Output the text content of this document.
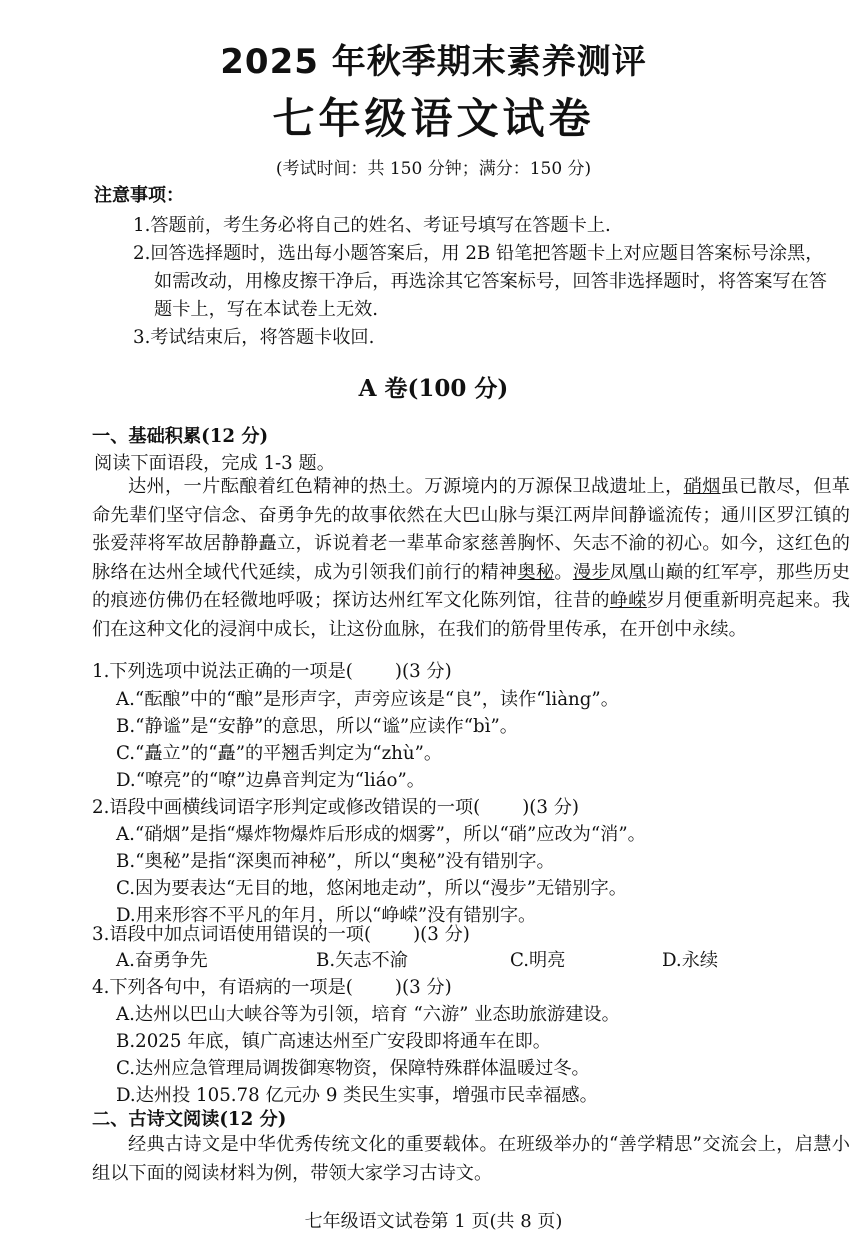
2025 年秋季期末素养测评
七年级语文试卷
(考试时间：共 150 分钟；满分：150 分)
注意事项：
1.答题前，考生务必将自己的姓名、考证号填写在答题卡上.
2.回答选择题时，选出每小题答案后，用 2B 铅笔把答题卡上对应题目答案标号涂黑，
如需改动，用橡皮擦干净后，再选涂其它答案标号，回答非选择题时，将答案写在答
题卡上，写在本试卷上无效.
3.考试结束后，将答题卡收回.
A 卷(100 分)
一、基础积累(12 分)
阅读下面语段，完成 1-3 题。
达州，一片酝酿着红色精神的热土。万源境内的万源保卫战遗址上，硝烟虽已散尽，但革命先辈们坚守信念、奋勇争先的故事依然在大巴山脉与渠江两岸间静谧流传；通川区罗江镇的张爱萍将军故居静静矗立，诉说着老一辈革命家慈善胸怀、矢志不渝的初心。如今，这红色的脉络在达州全域代代延续，成为引领我们前行的精神奥秘。漫步凤凰山巅的红军亭，那些历史的痕迹仿佛仍在轻微地呼吸；探访达州红军文化陈列馆，往昔的峥嵘岁月便重新明亮起来。我们在这种文化的浸润中成长，让这份血脉，在我们的筋骨里传承，在开创中永续。
1.下列选项中说法正确的一项是( )(3 分)
A.“酝酿”中的“酿”是形声字，声旁应该是“良”，读作“liàng”。
B.“静谧”是“安静”的意思，所以“谧”应读作“bì”。
C.“矗立”的“矗”的平翘舌判定为“zhù”。
D.“嘹亮”的“嘹”边鼻音判定为“liáo”。
2.语段中画横线词语字形判定或修改错误的一项( )(3 分)
A.“硝烟”是指“爆炸物爆炸后形成的烟雾”，所以“硝”应改为“消”。
B.“奥秘”是指“深奥而神秘”，所以“奥秘”没有错别字。
C.因为要表达“无目的地，悠闲地走动”，所以“漫步”无错别字。
D.用来形容不平凡的年月，所以“峥嵘”没有错别字。
3.语段中加点词语使用错误的一项( )(3 分)
A.奋勇争先	B.矢志不渝	C.明亮	D.永续
4.下列各句中，有语病的一项是( )(3 分)
A.达州以巴山大峡谷等为引领，培育 “六游” 业态助旅游建设。
B.2025 年底，镇广高速达州至广安段即将通车在即。
C.达州应急管理局调拨御寒物资，保障特殊群体温暖过冬。
D.达州投 105.78 亿元办 9 类民生实事，增强市民幸福感。
二、古诗文阅读(12 分)
经典古诗文是中华优秀传统文化的重要载体。在班级举办的“善学精思”交流会上，启慧小组以下面的阅读材料为例，带领大家学习古诗文。
七年级语文试卷第 1 页(共 8 页)
